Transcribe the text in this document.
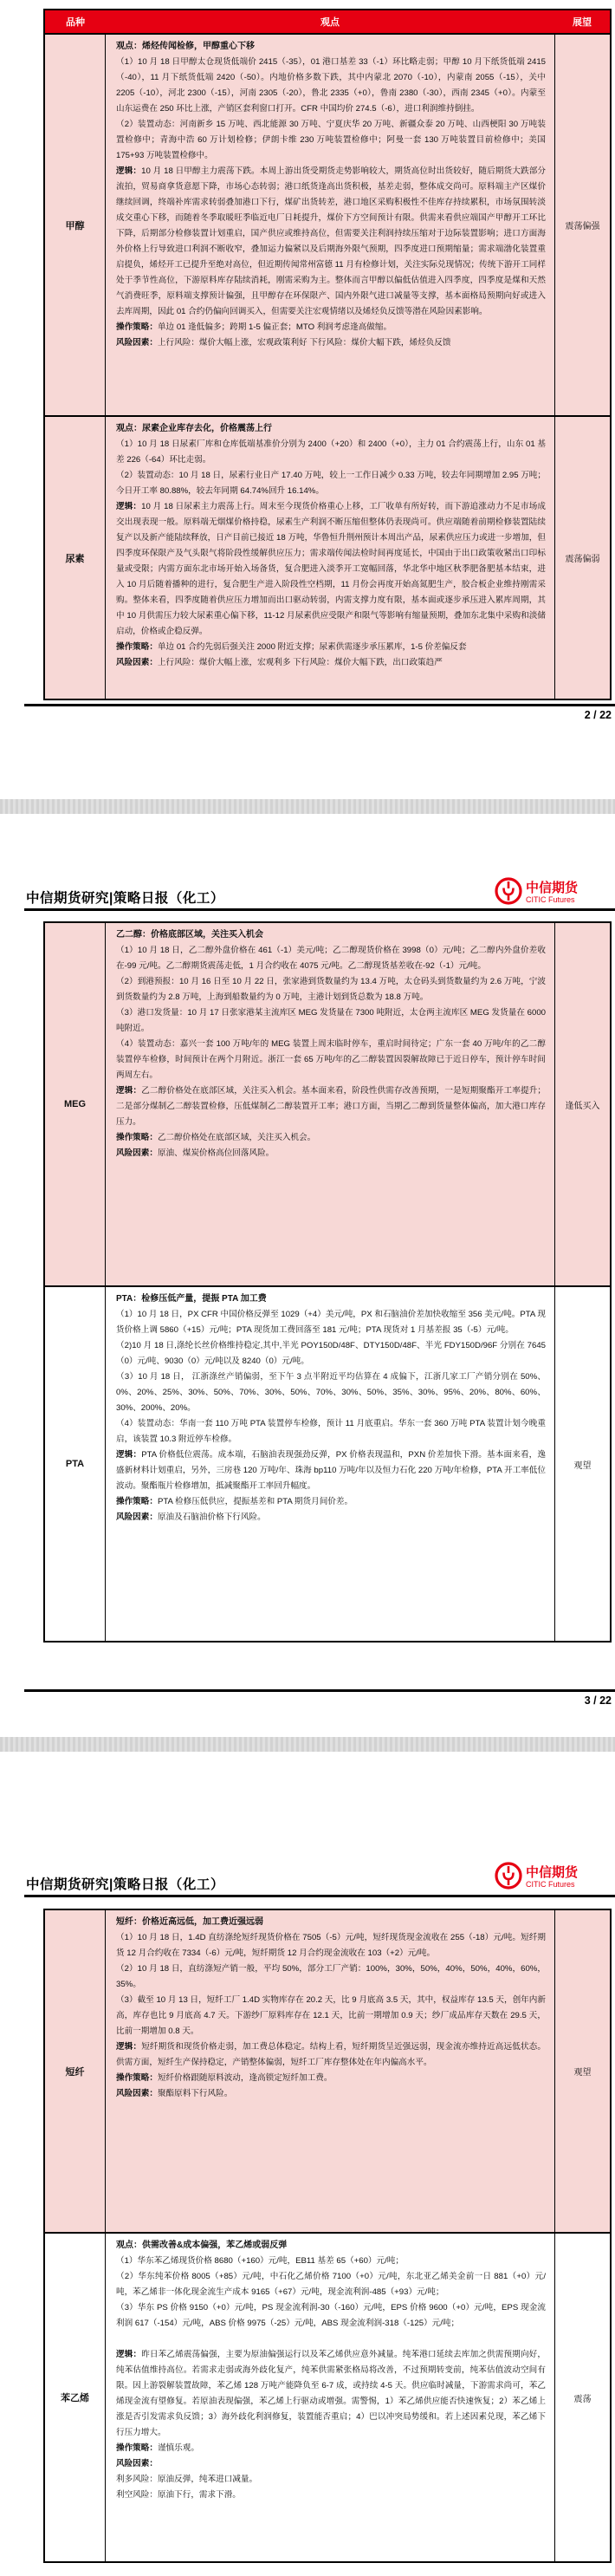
品种	观点	展望
甲醇
观点：烯烃传闻检修，甲醇重心下移
（1）10 月 18 日甲醇太仓现货低端价 2415（-35），01 港口基差 33（-1）环比略走弱；甲醇 10 月下纸货低端 2415（-40），11 月下纸货低端 2420（-50）。内地价格多数下跌，其中内蒙北 2070（-10），内蒙南 2055（-15），关中 2205（-10），河北 2300（-15），河南 2305（-20），鲁北 2335（+0），鲁南 2380（-30），西南 2345（+0）。内蒙至山东运费在 250 环比上涨，产销区套利窗口打开。CFR 中国均价 274.5（-6），进口利润维持倒挂。
（2）装置动态：河南新乡 15 万吨、西北能源 30 万吨、宁夏庆华 20 万吨、新疆众泰 20 万吨、山西梗阳 30 万吨装置检修中；青海中浩 60 万计划检修；伊朗卡维 230 万吨装置检修中；阿曼一套 130 万吨装置目前检修中；美国 175+93 万吨装置检修中。
逻辑：10 月 18 日甲醇主力震荡下跌。本周上游出货受期货走势影响较大，期货高位时出货较好，随后期货大跌部分流拍，贸易商拿货意愿下降，市场心态转弱；港口纸货逢高出货积极，基差走弱，整体成交尚可。原料端主产区煤价继续回调，终端补库需求转弱叠加港口下行，煤矿出货转差，港口地区采购积极性不佳库存持续累积，市场氛围转淡成交重心下移，而随着冬季取暖旺季临近电厂日耗提升，煤价下方空间预计有限。供需来看供应端国产甲醇开工环比下降，后期部分检修装置计划重启，国产供应或维持高位，但需要关注利润持续压缩对于边际装置影响；进口方面海外价格上行导致进口利润不断收窄，叠加运力偏紧以及后期海外限气预期，四季度进口预期缩量；需求端渤化装置重启提负，烯烃开工已提升至绝对高位，但近期传闻常州富德 11 月有检修计划，关注实际兑现情况；传统下游开工同样处于季节性高位，下游原料库存陆续消耗，刚需采购为主。整体而言甲醇以偏低估值进入四季度，四季度是煤和天然气消费旺季，原料端支撑预计偏强，且甲醇存在环保限产、国内外限气进口减量等支撑，基本面格局预期向好或进入去库周期，因此 01 合约仍偏向回调买入，但需要关注宏观情绪以及烯烃负反馈等潜在风险因素影响。
操作策略：单边 01 逢低偏多；跨期 1-5 偏正套；MTO 利润考虑逢高做缩。
风险因素：上行风险：煤价大幅上涨，宏观政策利好 下行风险：煤价大幅下跌，烯烃负反馈
震荡偏强
尿素
观点：尿素企业库存去化，价格震荡上行
（1）10 月 18 日尿素厂库和仓库低端基准价分别为 2400（+20）和 2400（+0），主力 01 合约震荡上行，山东 01 基差 226（-64）环比走弱。
（2）装置动态：10 月 18 日，尿素行业日产 17.40 万吨，较上一工作日减少 0.33 万吨，较去年同期增加 2.95 万吨；今日开工率 80.88%，较去年同期 64.74%回升 16.14%。
逻辑：10 月 18 日尿素主力震荡上行。周末至今现货价格重心上移，工厂收单有所好转，而下游追涨动力不足市场成交出现表现一般。原料端无烟煤价格持稳，尿素生产利润不断压缩但整体仍表现尚可。供应端随着前期检修装置陆续复产以及新产能陆续释放，日产目前已接近 18 万吨，华鲁恒升荆州预计本周出产品，尿素供应压力或进一步增加，但四季度环保限产及气头限气将阶段性缓解供应压力；需求端传闻法检时间再度延长，中国由于出口政策收紧出口印标量或受限；内需方面东北市场开始入场备货，复合肥进入淡季开工宽幅回落，华北华中地区秋季肥备肥基本结束，进入 10 月后随着播种的进行，复合肥生产进入阶段性空档期，11 月份会再度开始高氮肥生产，胶合板企业维持刚需采购。整体来看，四季度随着供应压力增加而出口驱动转弱，内需支撑力度有限，基本面或逐步承压进入累库周期，其中 10 月供需压力较大尿素重心偏下移，11-12 月尿素供应受限产和限气等影响有缩量预期，叠加东北集中采购和淡储启动，价格或企稳反弹。
操作策略：单边 01 合约先弱后强关注 2000 附近支撑；尿素供需逐步承压累库，1-5 价差偏反套
风险因素：上行风险：煤价大幅上涨，宏观利多 下行风险：煤价大幅下跌，出口政策趋严
震荡偏弱
2 / 22
中信期货研究|策略日报（化工）
中信期货
CITIC Futures
MEG
乙二醇：价格底部区域，关注买入机会
（1）10 月 18 日，乙二醇外盘价格在 461（-1）美元/吨；乙二醇现货价格在 3998（0）元/吨；乙二醇内外盘价差收在-99 元/吨。乙二醇期货震荡走低，1 月合约收在 4075 元/吨。乙二醇现货基差收在-92（-1）元/吨。
（2）到港预报：10 月 16 日至 10 月 22 日，张家港到货数量约为 13.4 万吨，太仓码头到货数量约为 2.6 万吨，宁波到货数量约为 2.8 万吨，上海到船数量约为 0 万吨，主港计划到货总数为 18.8 万吨。
（3）港口发货量：10 月 17 日张家港某主流库区 MEG 发货量在 7300 吨附近，太仓两主流库区 MEG 发货量在 6000 吨附近。
（4）装置动态：嘉兴一套 100 万吨/年的 MEG 装置上周末临时停车，重启时间待定；广东一套 40 万吨/年的乙二醇装置停车检修，时间预计在两个月附近。浙江一套 65 万吨/年的乙二醇装置因裂解故障已于近日停车，预计停车时间两周左右。
逻辑：乙二醇价格处在底部区域，关注买入机会。基本面来看，阶段性供需存改善预期，一是短期聚酯开工率提升；二是部分煤制乙二醇装置检修，压低煤制乙二醇装置开工率；港口方面，当期乙二醇到货量整体偏高，加大港口库存压力。
操作策略：乙二醇价格处在底部区域，关注买入机会。
风险因素：原油、煤炭价格高位回落风险。
逢低买入
PTA
PTA：检修压低产量，提振 PTA 加工费
（1）10 月 18 日，PX CFR 中国价格反弹至 1029（+4）美元/吨，PX 和石脑油价差加快收缩至 356 美元/吨。PTA 现货价格上调 5860（+15）元/吨；PTA 现货加工费回落至 181 元/吨；PTA 现货对 1 月基差报 35（-5）元/吨。
（2)10 月 18 日,涤纶长丝价格维持稳定,其中,半光 POY150D/48F、DTY150D/48F、半光 FDY150D/96F 分别在 7645（0）元/吨、9030（0）元/吨以及 8240（0）元/吨。
（3）10 月 18 日， 江浙涤丝产销偏弱，至下午 3 点半附近平均估算在 4 成偏下，江浙几家工厂产销分别在 50%、0%、20%、25%、30%、50%、70%、30%、50%、70%、30%、50%、35%、30%、95%、20%、80%、60%、30%、200%、20%。
（4）装置动态：华南一套 110 万吨 PTA 装置停车检修，预计 11 月底重启。华东一套 360 万吨 PTA 装置计划今晚重启，该装置 10.3 附近停车检修。
逻辑：PTA 价格低位震荡。成本端，石脑油表现强劲反弹，PX 价格表现温和，PXN 价差加快下滑。基本面来看，逸盛新材料计划重启，另外，三房巷 120 万吨/年、珠海 bp110 万吨/年以及恒力石化 220 万吨/年检修，PTA 开工率低位波动。聚酯瓶片检修增加，抵减聚酯开工率回升幅度。
操作策略：PTA 检修压低供应，提振基差和 PTA 期货月间价差。
风险因素：原油及石脑油价格下行风险。
观望
3 / 22
中信期货研究|策略日报（化工）
中信期货
CITIC Futures
短纤
短纤：价格近高远低，加工费近强远弱
（1）10 月 18 日，1.4D 直纺涤纶短纤现货价格在 7505（-5）元/吨，短纤现货现金流收在 255（-18）元/吨。短纤期货 12 月合约收在 7334（-6）元/吨，短纤期货 12 月合约现金流收在 103（+2）元/吨。
（2）10 月 18 日，直纺涤短产销一般，平均 50%，部分工厂产销：100%，30%，50%，40%，50%，40%，60%，35%。
（3）截至 10 月 13 日，短纤工厂 1.4D 实物库存在 20.2 天，比 9 月底高 3.5 天，其中，权益库存 13.5 天，创年内新高，库存也比 9 月底高 4.7 天。下游纱厂原料库存在 12.1 天，比前一期增加 0.9 天；纱厂成品库存天数在 29.5 天，比前一期增加 0.8 天。
逻辑：短纤期货和现货价格走弱，加工费总体稳定。结构上看，短纤期货呈近强远弱，现金流亦维持近高远低状态。供需方面，短纤生产保持稳定，产销整体偏弱，短纤工厂库存整体处在年内偏高水平。
操作策略：短纤价格跟随原料波动，逢高锁定短纤加工费。
风险因素：聚酯原料下行风险。
观望
苯乙烯
观点：供需改善&成本偏强，苯乙烯或弱反弹
（1）华东苯乙烯现货价格 8680（+160）元/吨，EB11 基差 65（+60）元/吨；
（2）华东纯苯价格 8005（+85）元/吨，中石化乙烯价格 7100（+0）元/吨，东北亚乙烯美金前一日 881（+0）元/吨，苯乙烯非一体化现金流生产成本 9165（+67）元/吨，现金流利润-485（+93）元/吨；
（3）华东 PS 价格 9150（+0）元/吨，PS 现金流利润-30（-160）元/吨，EPS 价格 9600（+0）元/吨，EPS 现金流利润 617（-154）元/吨，ABS 价格 9975（-25）元/吨，ABS 现金流利润-318（-125）元/吨；
逻辑：昨日苯乙烯震荡偏强，主要为原油偏强运行以及苯乙烯供应意外减量。纯苯港口延续去库加之供需预期向好，纯苯估值维持高位。若需求走弱或海外歧化复产，纯苯供需紧张格局将改善，不过预期转变前，纯苯估值波动空间有限。因上游裂解装置故障，苯乙烯 128 万吨产能降负至 6-7 成，或持续 4-5 天。供应临时减量，下游需求尚可，苯乙烯现金流有望修复。若原油表现偏强，苯乙烯上行驱动或增强。需警惕，1）苯乙烯供应能否快速恢复；2）苯乙烯上涨是否引发需求负反馈；3）海外歧化利润修复，装置能否重启；4）巴以冲突局势缓和。若上述因素兑现，苯乙烯下行压力增大。
操作策略：谨慎乐观。
风险因素：
利多风险：原油反弹，纯苯进口减量。
利空风险：原油下行，需求下滑。
震荡
